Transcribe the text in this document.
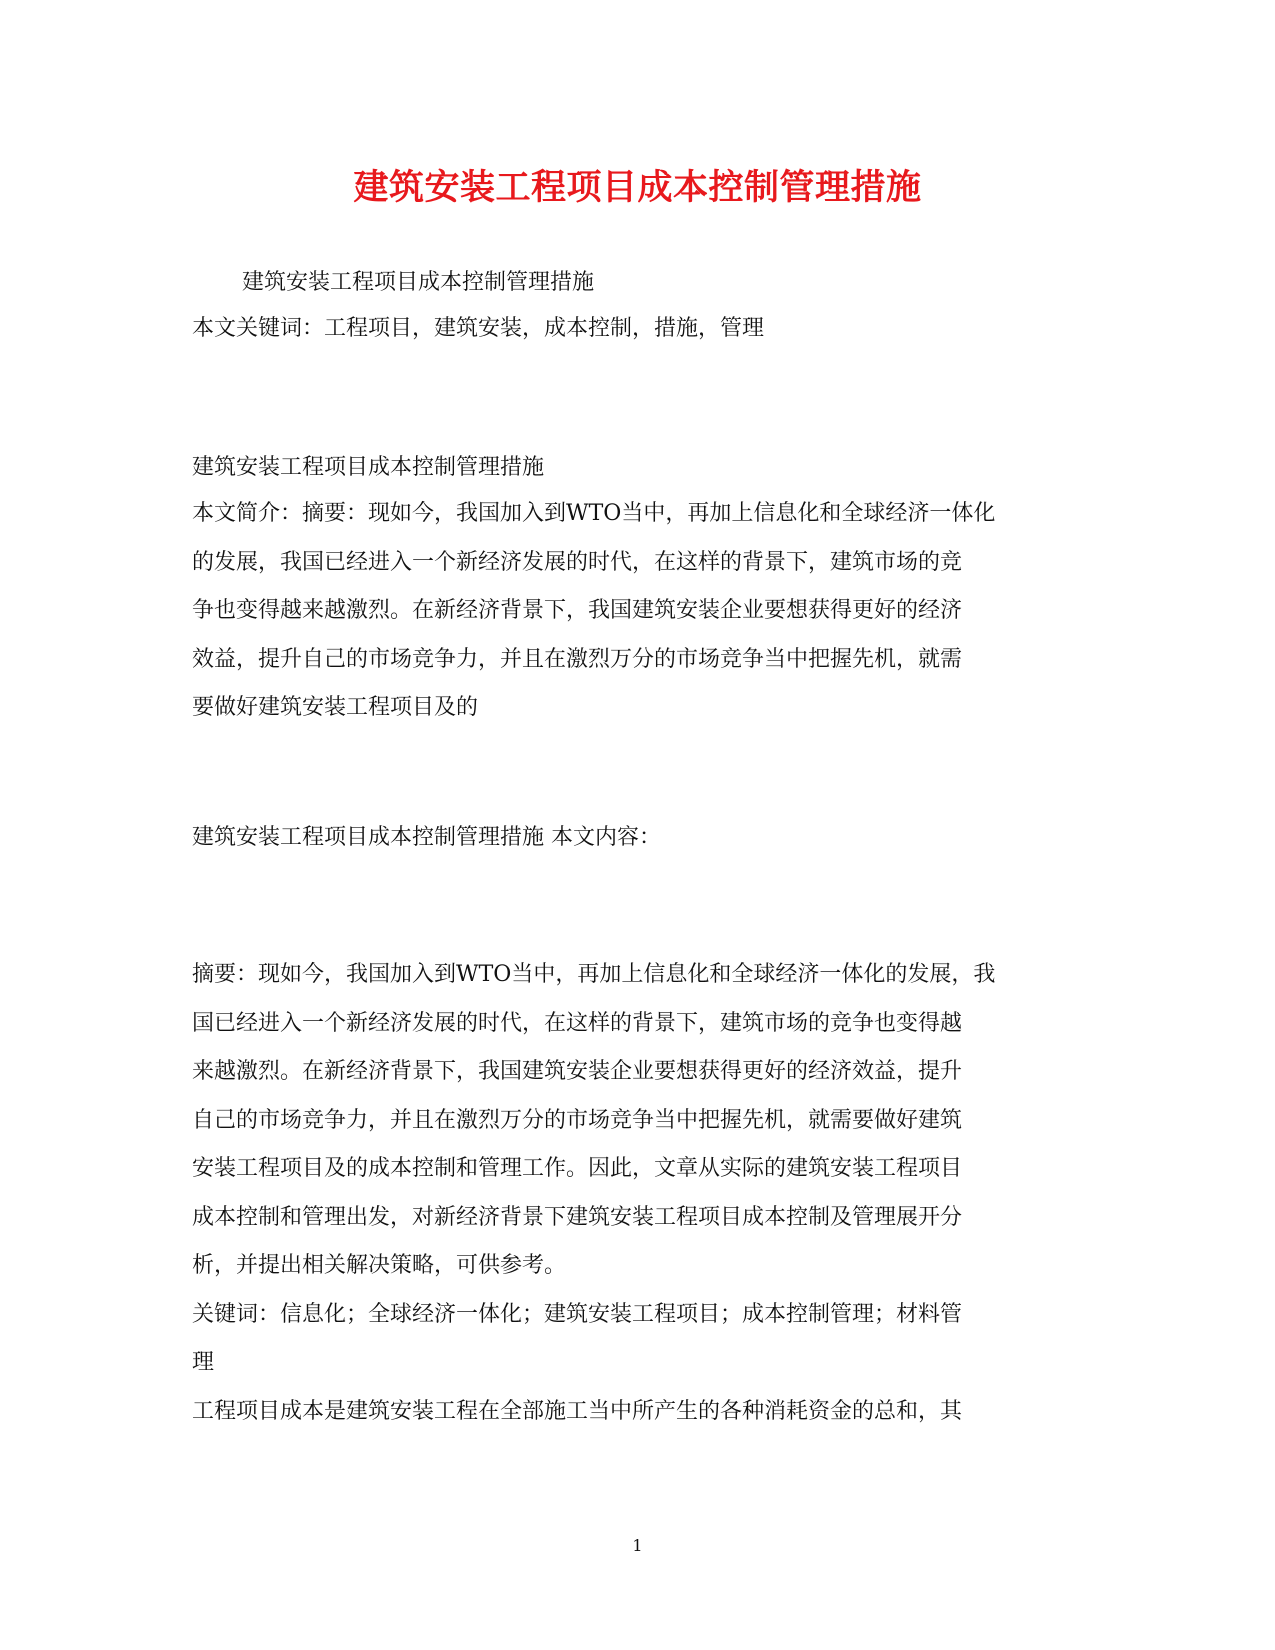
建筑安装工程项目成本控制管理措施
建筑安装工程项目成本控制管理措施
本文关键词：工程项目，建筑安装，成本控制，措施，管理
建筑安装工程项目成本控制管理措施
本文简介：摘要：现如今，我国加入到WTO当中，再加上信息化和全球经济一体化
的发展，我国已经进入一个新经济发展的时代，在这样的背景下，建筑市场的竞
争也变得越来越激烈。在新经济背景下，我国建筑安装企业要想获得更好的经济
效益，提升自己的市场竞争力，并且在激烈万分的市场竞争当中把握先机，就需
要做好建筑安装工程项目及的
建筑安装工程项目成本控制管理措施 本文内容：
摘要：现如今，我国加入到WTO当中，再加上信息化和全球经济一体化的发展，我
国已经进入一个新经济发展的时代，在这样的背景下，建筑市场的竞争也变得越
来越激烈。在新经济背景下，我国建筑安装企业要想获得更好的经济效益，提升
自己的市场竞争力，并且在激烈万分的市场竞争当中把握先机，就需要做好建筑
安装工程项目及的成本控制和管理工作。因此，文章从实际的建筑安装工程项目
成本控制和管理出发，对新经济背景下建筑安装工程项目成本控制及管理展开分
析，并提出相关解决策略，可供参考。
关键词：信息化；全球经济一体化；建筑安装工程项目；成本控制管理；材料管
理
工程项目成本是建筑安装工程在全部施工当中所产生的各种消耗资金的总和，其
1
